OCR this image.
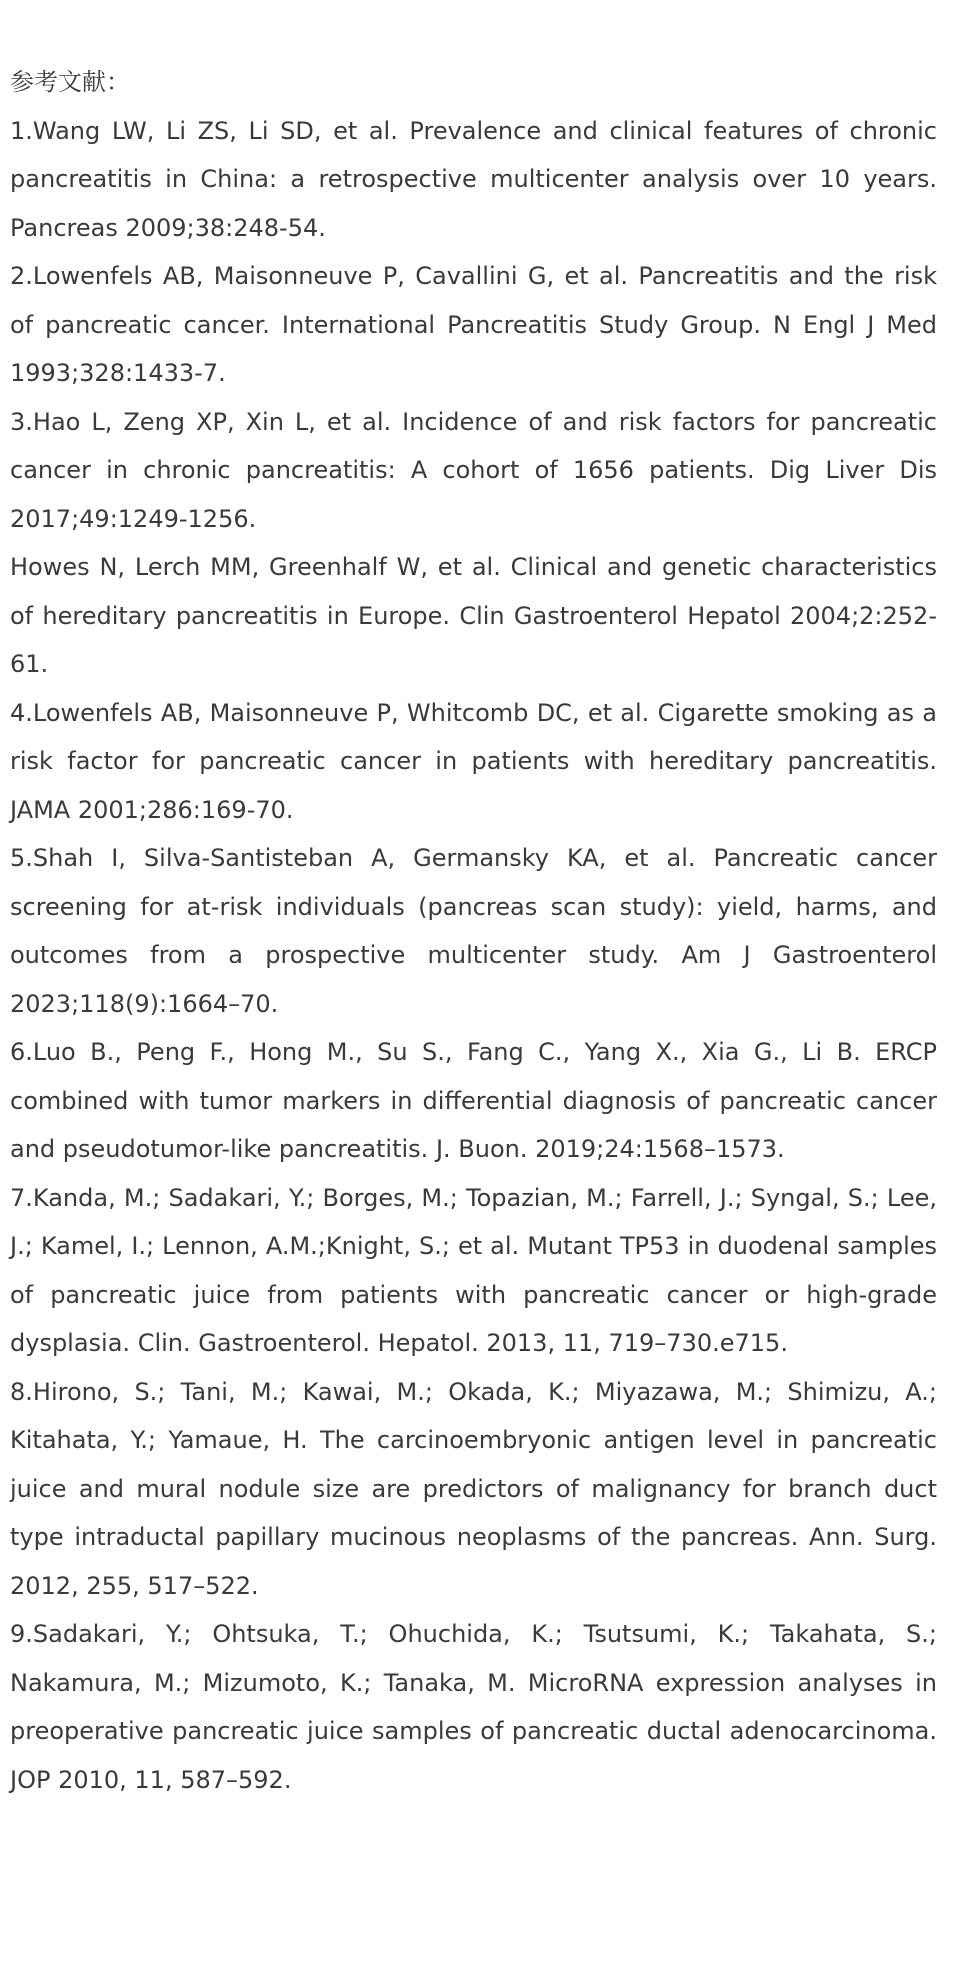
参考文献：

1.Wang LW, Li ZS, Li SD, et al. Prevalence and clinical features of chronic pancreatitis in China: a retrospective multicenter analysis over 10 years. Pancreas 2009;38:248-54.
2.Lowenfels AB, Maisonneuve P, Cavallini G, et al. Pancreatitis and the risk of pancreatic cancer. International Pancreatitis Study Group. N Engl J Med 1993;328:1433-7.
3.Hao L, Zeng XP, Xin L, et al. Incidence of and risk factors for pancreatic cancer in chronic pancreatitis: A cohort of 1656 patients. Dig Liver Dis 2017;49:1249-1256.
Howes N, Lerch MM, Greenhalf W, et al. Clinical and genetic characteristics of hereditary pancreatitis in Europe. Clin Gastroenterol Hepatol 2004;2:252-61.
4.Lowenfels AB, Maisonneuve P, Whitcomb DC, et al. Cigarette smoking as a risk factor for pancreatic cancer in patients with hereditary pancreatitis. JAMA 2001;286:169-70.
5.Shah I, Silva-Santisteban A, Germansky KA, et al. Pancreatic cancer screening for at-risk individuals (pancreas scan study): yield, harms, and outcomes from a prospective multicenter study. Am J Gastroenterol 2023;118(9):1664–70.
6.Luo B., Peng F., Hong M., Su S., Fang C., Yang X., Xia G., Li B. ERCP combined with tumor markers in differential diagnosis of pancreatic cancer and pseudotumor-like pancreatitis. J. Buon. 2019;24:1568–1573.
7.Kanda, M.; Sadakari, Y.; Borges, M.; Topazian, M.; Farrell, J.; Syngal, S.; Lee, J.; Kamel, I.; Lennon, A.M.;Knight, S.; et al. Mutant TP53 in duodenal samples of pancreatic juice from patients with pancreatic cancer or high-grade dysplasia. Clin. Gastroenterol. Hepatol. 2013, 11, 719–730.e715.
8.Hirono, S.; Tani, M.; Kawai, M.; Okada, K.; Miyazawa, M.; Shimizu, A.; Kitahata, Y.; Yamaue, H. The carcinoembryonic antigen level in pancreatic juice and mural nodule size are predictors of malignancy for branch duct type intraductal papillary mucinous neoplasms of the pancreas. Ann. Surg. 2012, 255, 517–522.
9.Sadakari, Y.; Ohtsuka, T.; Ohuchida, K.; Tsutsumi, K.; Takahata, S.; Nakamura, M.; Mizumoto, K.; Tanaka, M. MicroRNA expression analyses in preoperative pancreatic juice samples of pancreatic ductal adenocarcinoma. JOP 2010, 11, 587–592.
